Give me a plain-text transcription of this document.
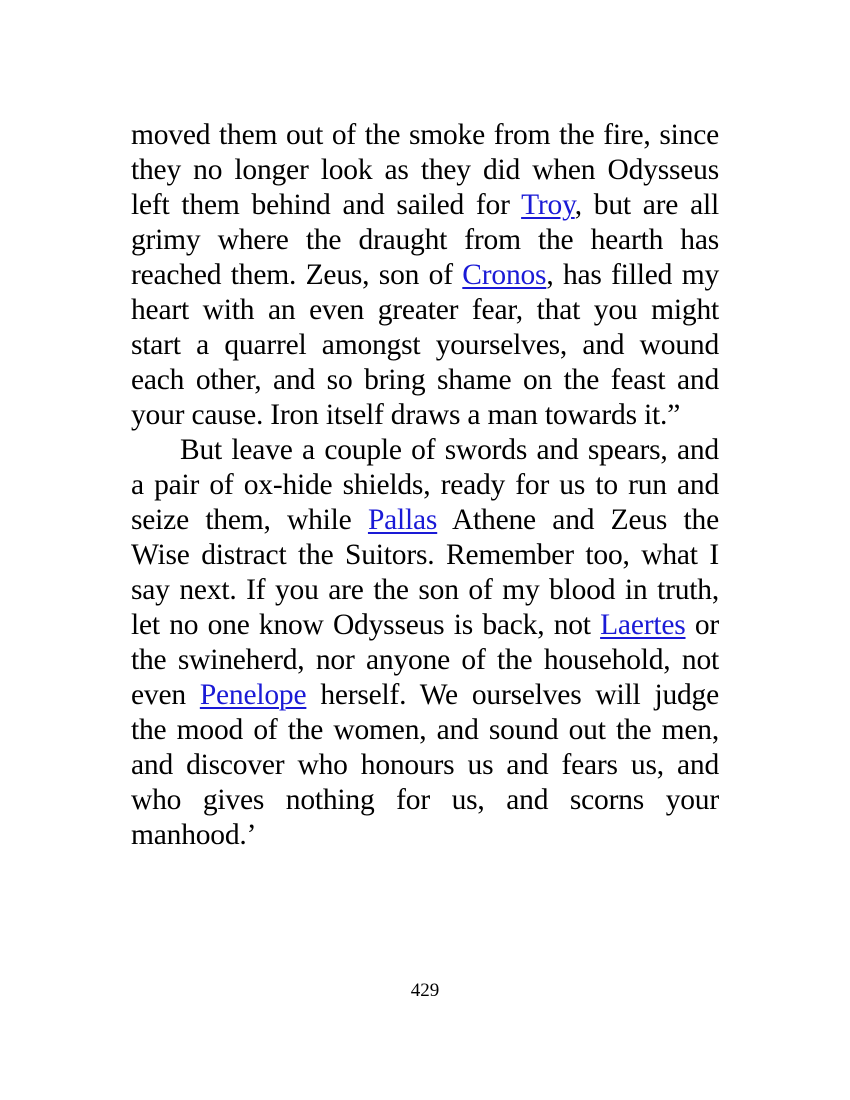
moved them out of the smoke from the fire, since they no longer look as they did when Odysseus left them behind and sailed for Troy, but are all grimy where the draught from the hearth has reached them. Zeus, son of Cronos, has filled my heart with an even greater fear, that you might start a quarrel amongst yourselves, and wound each other, and so bring shame on the feast and your cause. Iron itself draws a man towards it.”

But leave a couple of swords and spears, and a pair of ox-hide shields, ready for us to run and seize them, while Pallas Athene and Zeus the Wise distract the Suitors. Remember too, what I say next. If you are the son of my blood in truth, let no one know Odysseus is back, not Laertes or the swineherd, nor anyone of the household, not even Penelope herself. We ourselves will judge the mood of the women, and sound out the men, and discover who honours us and fears us, and who gives nothing for us, and scorns your manhood.’

429
